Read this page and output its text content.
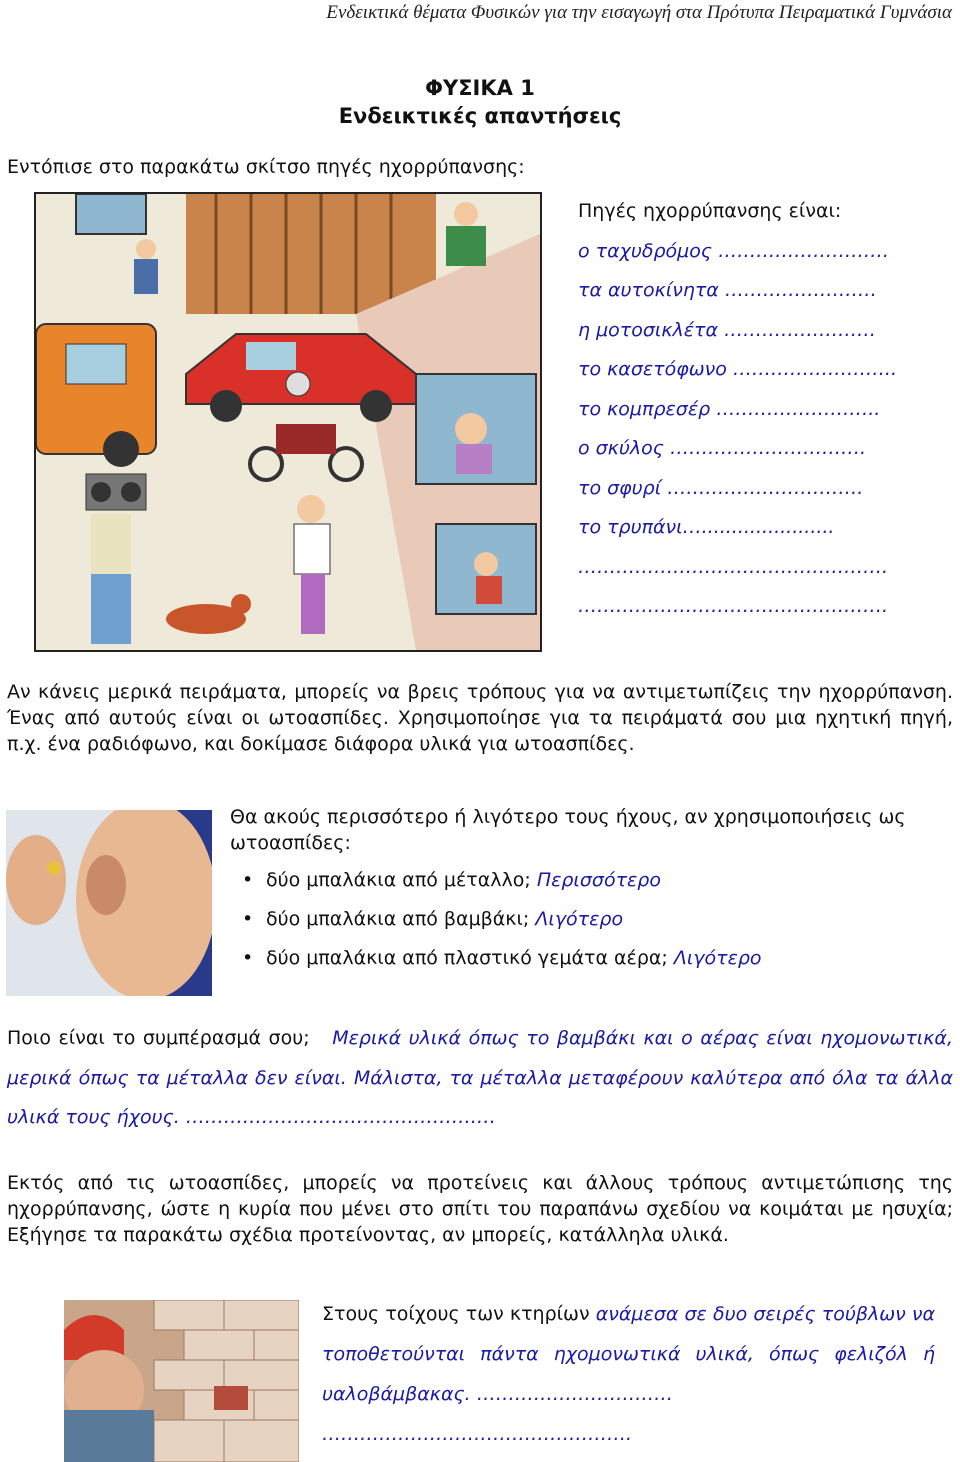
Ενδεικτικά θέματα Φυσικών για την εισαγωγή στα Πρότυπα Πειραματικά Γυμνάσια
ΦΥΣΙΚΑ 1
Ενδεικτικές απαντήσεις
Εντόπισε στο παρακάτω σκίτσο πηγές ηχορρύπανσης:
Πηγές ηχορρύπανσης είναι:
ο ταχυδρόμος ………………………
τα αυτοκίνητα ……………………
η μοτοσικλέτα ……………………
το κασετόφωνο ……………………..
το κομπρεσέρ ……………………..
ο σκύλος ………………………….
το σφυρί ………………………….
το τρυπάνι…......................
………………………………………….
………………………………………….
Αν κάνεις μερικά πειράματα, μπορείς να βρεις τρόπους για να αντιμετωπίζεις την ηχορρύπανση. Ένας από αυτούς είναι οι ωτοασπίδες. Χρησιμοποίησε για τα πειράματά σου μια ηχητική πηγή, π.χ. ένα ραδιόφωνο, και δοκίμασε διάφορα υλικά για ωτοασπίδες.
Θα ακούς περισσότερο ή λιγότερο τους ήχους, αν χρησιμοποιήσεις ως ωτοασπίδες:
• δύο μπαλάκια από μέταλλο; Περισσότερο
• δύο μπαλάκια από βαμβάκι; Λιγότερο
• δύο μπαλάκια από πλαστικό γεμάτα αέρα; Λιγότερο
Ποιο είναι το συμπέρασμά σου; Μερικά υλικά όπως το βαμβάκι και ο αέρας είναι ηχομονωτικά, μερικά όπως τα μέταλλα δεν είναι. Μάλιστα, τα μέταλλα μεταφέρουν καλύτερα από όλα τα άλλα υλικά τους ήχους. ……………………………………….…
Εκτός από τις ωτοασπίδες, μπορείς να προτείνεις και άλλους τρόπους αντιμετώπισης της ηχορρύπανσης, ώστε η κυρία που μένει στο σπίτι του παραπάνω σχεδίου να κοιμάται με ησυχία; Εξήγησε τα παρακάτω σχέδια προτείνοντας, αν μπορείς, κατάλληλα υλικά.
Στους τοίχους των κτηρίων ανάμεσα σε δυο σειρές τούβλων να τοποθετούνται πάντα ηχομονωτικά υλικά, όπως φελιζόλ ή υαλοβάμβακας. ………………………….
………………………………………….
